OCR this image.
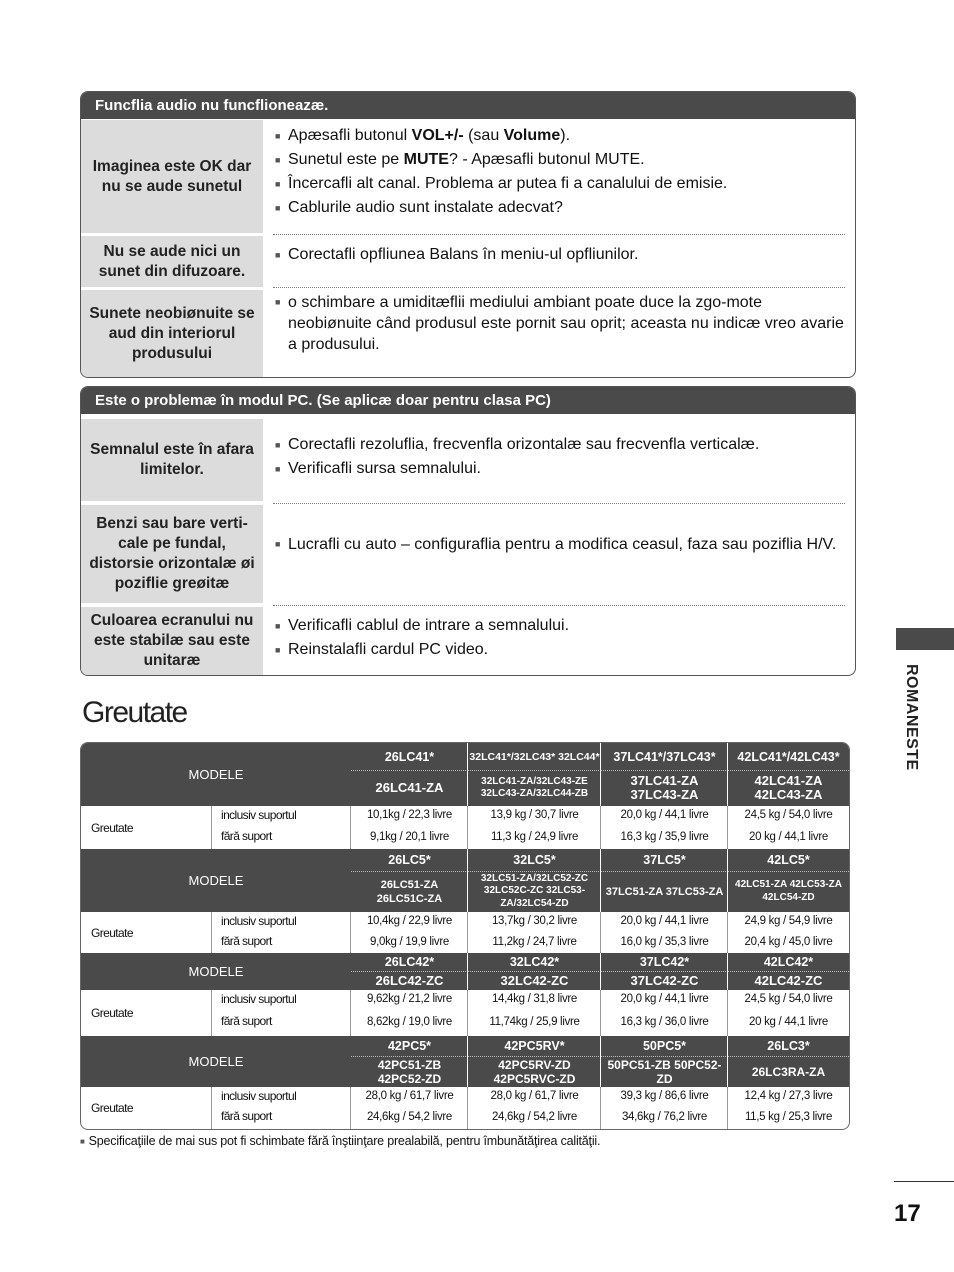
Funcflia audio nu funcflioneazæ.
Imaginea este OK dar nu se aude sunetul
■ Apæsafli butonul VOL+/- (sau Volume).
■ Sunetul este pe MUTE? - Apæsafli butonul MUTE.
■ Încercafli alt canal. Problema ar putea fi a canalului de emisie.
■ Cablurile audio sunt instalate adecvat?
Nu se aude nici un sunet din difuzoare.
■ Corectafli opfliunea Balans în meniu-ul opfliunilor.
Sunete neobiønuite se aud din interiorul produsului
■ o schimbare a umiditæflii mediului ambiant poate duce la zgo-mote neobiønuite când produsul este pornit sau oprit; aceasta nu indicæ vreo avarie a produsului.
Este o problemæ în modul PC. (Se aplicæ doar pentru clasa PC)
Semnalul este în afara limitelor.
■ Corectafli rezoluflia, frecvenfla orizontalæ sau frecvenfla verticalæ.
■ Verificafli sursa semnalului.
Benzi sau bare verti-cale pe fundal, distorsie orizontalæ øi poziflie greøitæ
■ Lucrafli cu auto – configuraflia pentru a modifica ceasul, faza sau poziflia H/V.
Culoarea ecranului nu este stabilæ sau este unitaræ
■ Verificafli cablul de intrare a semnalului.
■ Reinstalafli cardul PC video.
Greutate
MODELE
26LC41*
26LC41-ZA
32LC41*/32LC43* 32LC44*
32LC41-ZA/32LC43-ZE 32LC43-ZA/32LC44-ZB
37LC41*/37LC43*
37LC41-ZA 37LC43-ZA
42LC41*/42LC43*
42LC41-ZA 42LC43-ZA
Greutate
inclusiv suportul
fără suport
10,1kg / 22,3 livre
9,1kg / 20,1 livre
13,9 kg / 30,7 livre
11,3 kg / 24,9 livre
20,0 kg / 44,1 livre
16,3 kg / 35,9 livre
24,5 kg / 54,0 livre
20 kg / 44,1 livre
MODELE
26LC5*
26LC51-ZA 26LC51C-ZA
32LC5*
32LC51-ZA/32LC52-ZC 32LC52C-ZC 32LC53-ZA/32LC54-ZD
37LC5*
37LC51-ZA 37LC53-ZA
42LC5*
42LC51-ZA 42LC53-ZA 42LC54-ZD
Greutate
inclusiv suportul
fără suport
10,4kg / 22,9 livre
9,0kg / 19,9 livre
13,7kg / 30,2 livre
11,2kg / 24,7 livre
20,0 kg / 44,1 livre
16,0 kg / 35,3 livre
24,9 kg / 54,9 livre
20,4 kg / 45,0 livre
MODELE
26LC42*
26LC42-ZC
32LC42*
32LC42-ZC
37LC42*
37LC42-ZC
42LC42*
42LC42-ZC
Greutate
inclusiv suportul
fără suport
9,62kg / 21,2 livre
8,62kg / 19,0 livre
14,4kg / 31,8 livre
11,74kg / 25,9 livre
20,0 kg / 44,1 livre
16,3 kg / 36,0 livre
24,5 kg / 54,0 livre
20 kg / 44,1 livre
MODELE
42PC5*
42PC51-ZB 42PC52-ZD
42PC5RV*
42PC5RV-ZD 42PC5RVC-ZD
50PC5*
50PC51-ZB 50PC52-ZD
26LC3*
26LC3RA-ZA
Greutate
inclusiv suportul
fără suport
28,0 kg / 61,7 livre
24,6kg / 54,2 livre
28,0 kg / 61,7 livre
24,6kg / 54,2 livre
39,3 kg / 86,6 livre
34,6kg / 76,2 livre
12,4 kg / 27,3 livre
11,5 kg / 25,3 livre
■ Specificaţiile de mai sus pot fi schimbate fără înştiinţare prealabilă, pentru îmbunătăţirea calităţii.
ROMANESTE
17
